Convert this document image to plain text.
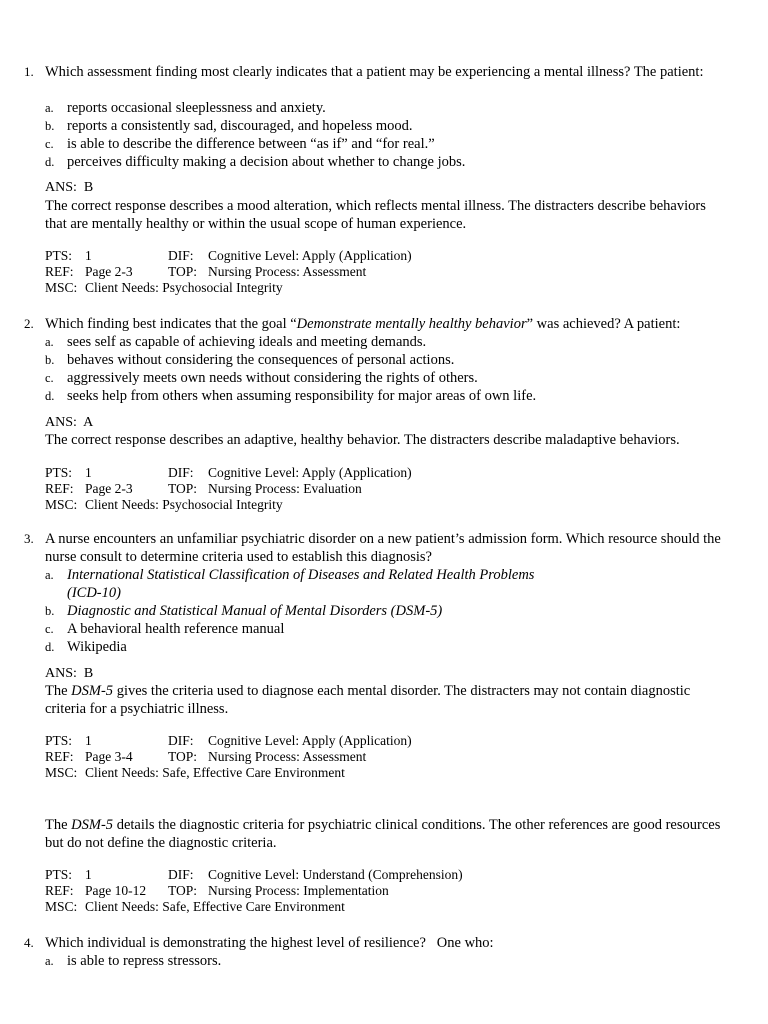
1. Which assessment finding most clearly indicates that a patient may be experiencing a mental illness? The patient:
a. reports occasional sleeplessness and anxiety.
b. reports a consistently sad, discouraged, and hopeless mood.
c. is able to describe the difference between “as if” and “for real.”
d. perceives difficulty making a decision about whether to change jobs.
ANS: B
The correct response describes a mood alteration, which reflects mental illness. The distracters describe behaviors that are mentally healthy or within the usual scope of human experience.
PTS: 1	DIF: Cognitive Level: Apply (Application)
REF: Page 2-3	TOP: Nursing Process: Assessment
MSC: Client Needs: Psychosocial Integrity
2. Which finding best indicates that the goal “Demonstrate mentally healthy behavior” was achieved? A patient:
a. sees self as capable of achieving ideals and meeting demands.
b. behaves without considering the consequences of personal actions.
c. aggressively meets own needs without considering the rights of others.
d. seeks help from others when assuming responsibility for major areas of own life.
ANS: A
The correct response describes an adaptive, healthy behavior. The distracters describe maladaptive behaviors.
PTS: 1	DIF: Cognitive Level: Apply (Application)
REF: Page 2-3	TOP: Nursing Process: Evaluation
MSC: Client Needs: Psychosocial Integrity
3. A nurse encounters an unfamiliar psychiatric disorder on a new patient’s admission form. Which resource should the nurse consult to determine criteria used to establish this diagnosis?
a. International Statistical Classification of Diseases and Related Health Problems
(ICD-10)
b. Diagnostic and Statistical Manual of Mental Disorders (DSM-5)
c. A behavioral health reference manual
d. Wikipedia
ANS: B
The DSM-5 gives the criteria used to diagnose each mental disorder. The distracters may not contain diagnostic criteria for a psychiatric illness.
PTS: 1	DIF: Cognitive Level: Apply (Application)
REF: Page 3-4	TOP: Nursing Process: Assessment
MSC: Client Needs: Safe, Effective Care Environment
The DSM-5 details the diagnostic criteria for psychiatric clinical conditions. The other references are good resources but do not define the diagnostic criteria.
PTS: 1	DIF: Cognitive Level: Understand (Comprehension)
REF: Page 10-12 TOP: Nursing Process: Implementation
MSC: Client Needs: Safe, Effective Care Environment
4. Which individual is demonstrating the highest level of resilience?   One who:
a. is able to repress stressors.
